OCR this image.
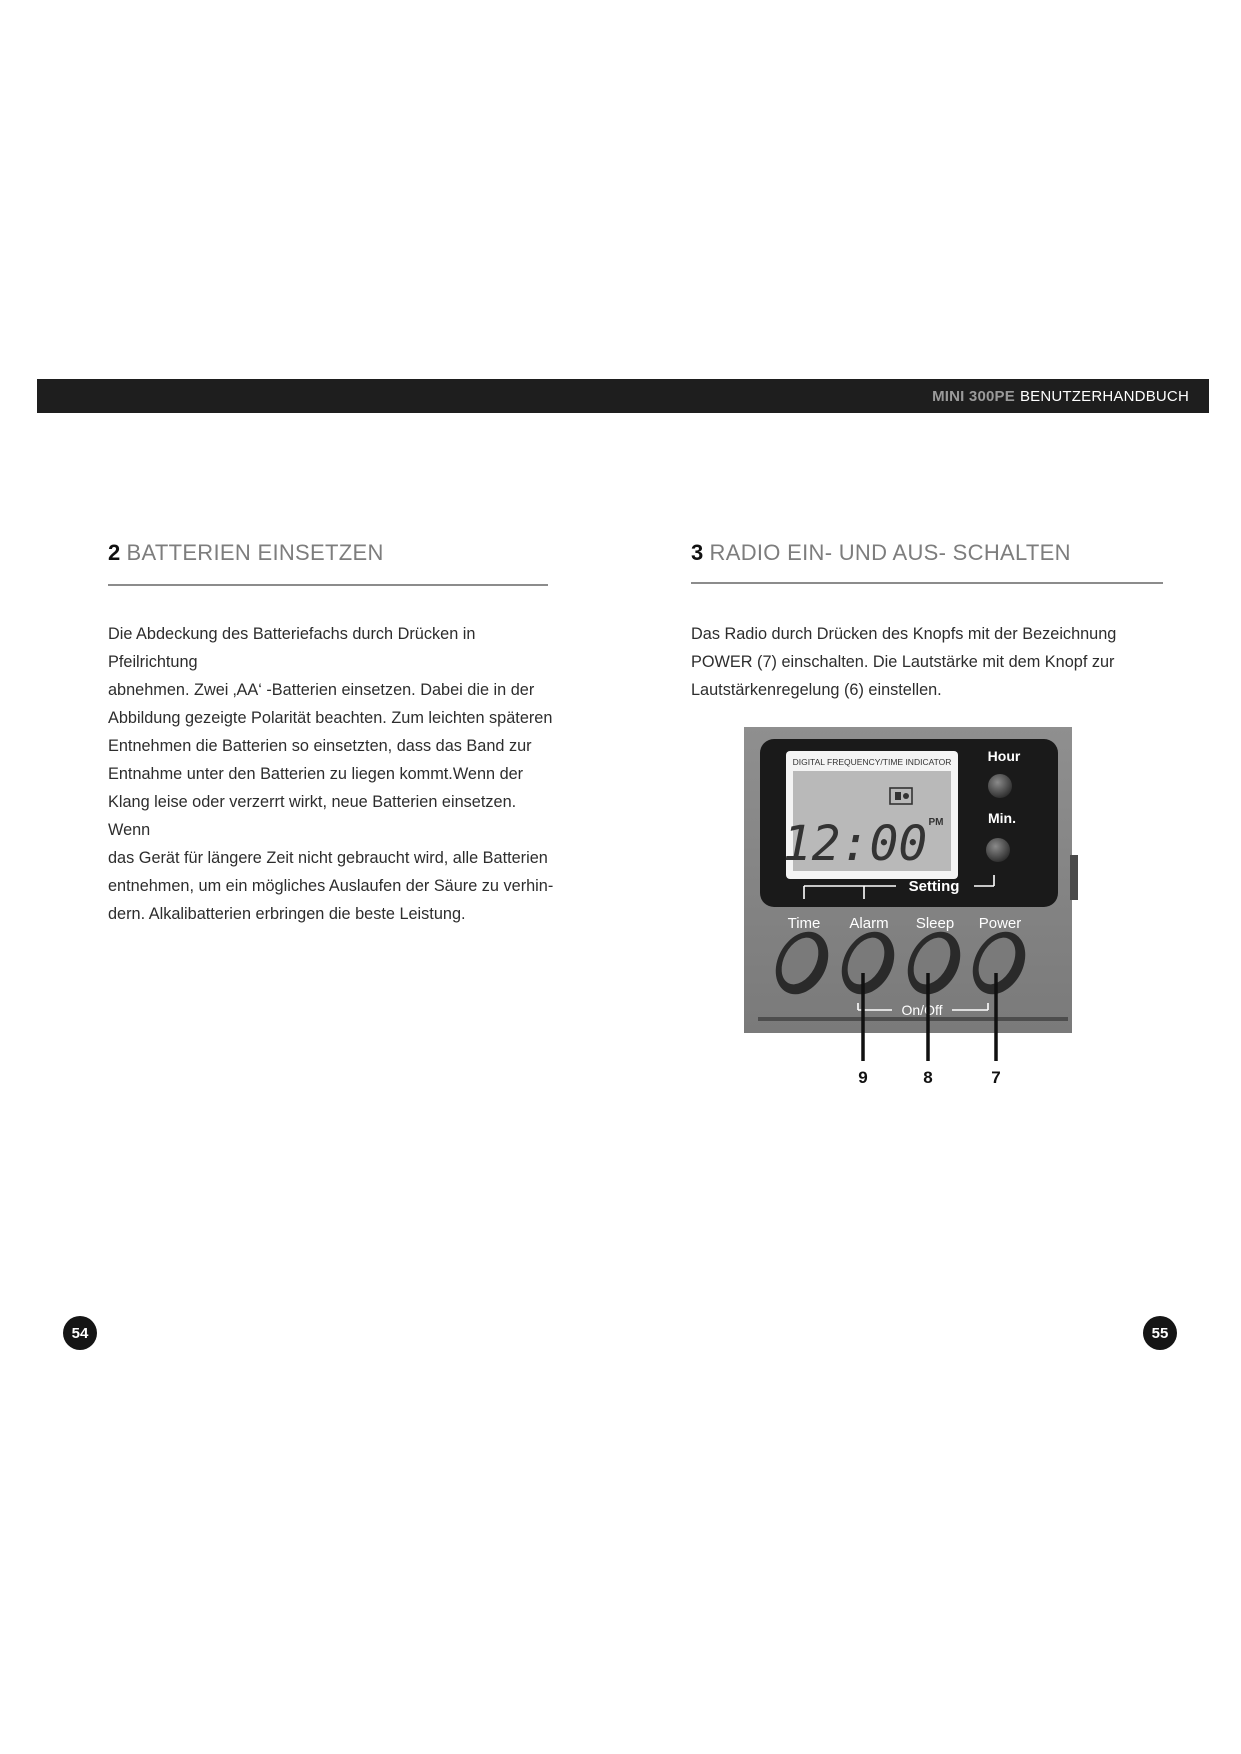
MINI 300PE BENUTZERHANDBUCH
2 BATTERIEN EINSETZEN

Die Abdeckung des Batteriefachs durch Drücken in Pfeilrichtung

abnehmen. Zwei ‚AA‘ -Batterien einsetzen. Dabei die in der

Abbildung gezeigte Polarität beachten. Zum leichten späteren

Entnehmen die Batterien so einsetzten, dass das Band zur

Entnahme unter den Batterien zu liegen kommt.Wenn der

Klang leise oder verzerrt wirkt, neue Batterien einsetzen. Wenn

das Gerät für längere Zeit nicht gebraucht wird, alle Batterien

entnehmen, um ein mögliches Auslaufen der Säure zu verhin-

dern. Alkalibatterien erbringen die beste Leistung.

54
3 RADIO EIN- UND AUS- SCHALTEN

Das Radio durch Drücken des Knopfs mit der Bezeichnung

POWER (7) einschalten. Die Lautstärke mit dem Knopf zur

Lautstärkenregelung (6) einstellen.

DIGITAL FREQUENCY/TIME INDICATOR
12:00 PM
Hour
Min.
Setting
Time Alarm Sleep Power
On/Off
9	8	7
55
